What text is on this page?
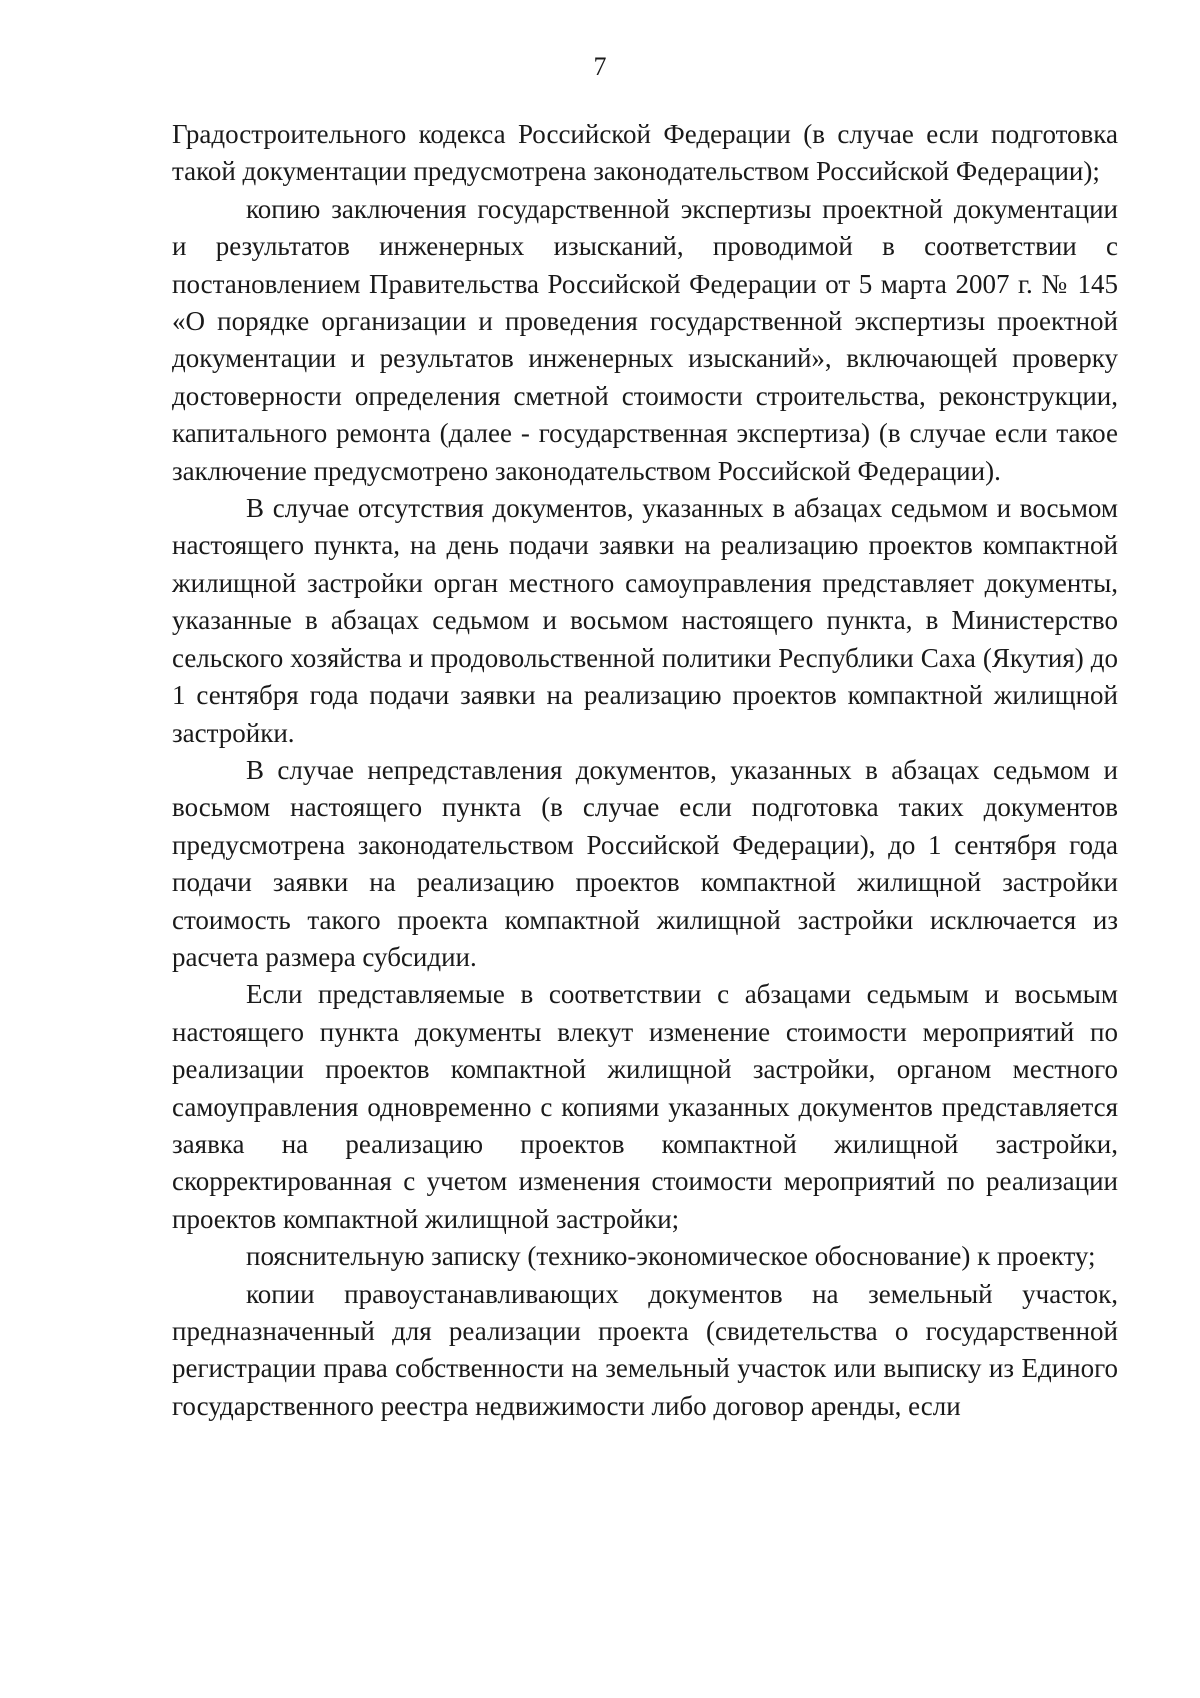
7

Градостроительного кодекса Российской Федерации (в случае если подготовка такой документации предусмотрена законодательством Российской Федерации);

копию заключения государственной экспертизы проектной документации и результатов инженерных изысканий, проводимой в соответствии с постановлением Правительства Российской Федерации от 5 марта 2007 г. № 145 «О порядке организации и проведения государственной экспертизы проектной документации и результатов инженерных изысканий», включающей проверку достоверности определения сметной стоимости строительства, реконструкции, капитального ремонта (далее - государственная экспертиза) (в случае если такое заключение предусмотрено законодательством Российской Федерации).

В случае отсутствия документов, указанных в абзацах седьмом и восьмом настоящего пункта, на день подачи заявки на реализацию проектов компактной жилищной застройки орган местного самоуправления представляет документы, указанные в абзацах седьмом и восьмом настоящего пункта, в Министерство сельского хозяйства и продовольственной политики Республики Саха (Якутия) до 1 сентября года подачи заявки на реализацию проектов компактной жилищной застройки.

В случае непредставления документов, указанных в абзацах седьмом и восьмом настоящего пункта (в случае если подготовка таких документов предусмотрена законодательством Российской Федерации), до 1 сентября года подачи заявки на реализацию проектов компактной жилищной застройки стоимость такого проекта компактной жилищной застройки исключается из расчета размера субсидии.

Если представляемые в соответствии с абзацами седьмым и восьмым настоящего пункта документы влекут изменение стоимости мероприятий по реализации проектов компактной жилищной застройки, органом местного самоуправления одновременно с копиями указанных документов представляется заявка на реализацию проектов компактной жилищной застройки, скорректированная с учетом изменения стоимости мероприятий по реализации проектов компактной жилищной застройки;

пояснительную записку (технико-экономическое обоснование) к проекту;

копии правоустанавливающих документов на земельный участок, предназначенный для реализации проекта (свидетельства о государственной регистрации права собственности на земельный участок или выписку из Единого государственного реестра недвижимости либо договор аренды, если
